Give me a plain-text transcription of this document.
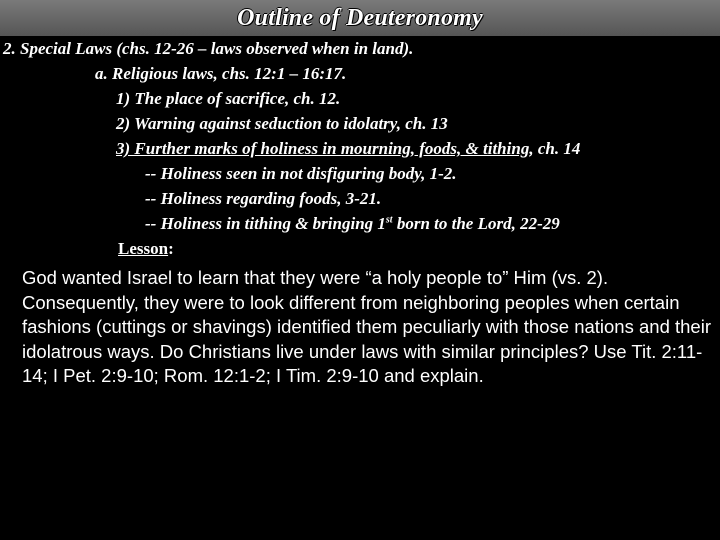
Outline of Deuteronomy
2. Special Laws (chs. 12-26 – laws observed when in land).
a. Religious laws, chs. 12:1 – 16:17.
1) The place of sacrifice, ch. 12.
2) Warning against seduction to idolatry, ch. 13
3) Further marks of holiness in mourning, foods, & tithing, ch. 14
-- Holiness seen in not disfiguring body, 1-2.
-- Holiness regarding foods, 3-21.
-- Holiness in tithing & bringing 1st born to the Lord, 22-29
Lesson:
God wanted Israel to learn that they were “a holy people to” Him (vs. 2). Consequently, they were to look different from neighboring peoples when certain fashions (cuttings or shavings) identified them peculiarly with those nations and their idolatrous ways. Do Christians live under laws with similar principles? Use Tit. 2:11-14; I Pet. 2:9-10; Rom. 12:1-2; I Tim. 2:9-10 and explain.
